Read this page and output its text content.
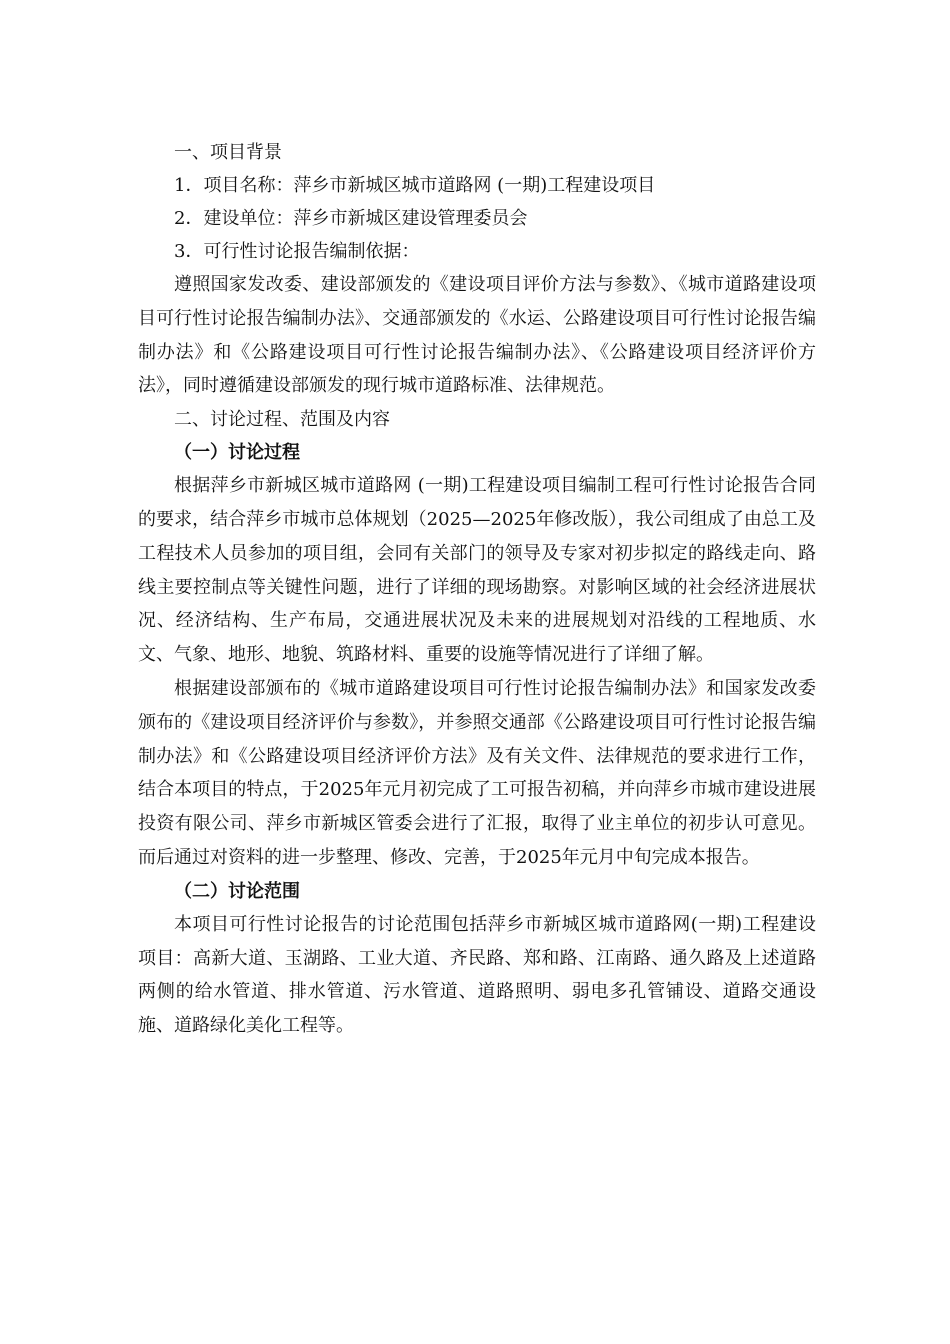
一、项目背景
1．项目名称：萍乡市新城区城市道路网 (一期)工程建设项目
2．建设单位：萍乡市新城区建设管理委员会
3．可行性讨论报告编制依据：

遵照国家发改委、建设部颁发的《建设项目评价方法与参数》、《城市道路建设项目可行性讨论报告编制办法》、交通部颁发的《水运、公路建设项目可行性讨论报告编制办法》和《公路建设项目可行性讨论报告编制办法》、《公路建设项目经济评价方法》，同时遵循建设部颁发的现行城市道路标准、法律规范。

二、讨论过程、范围及内容
（一）讨论过程

根据萍乡市新城区城市道路网 (一期)工程建设项目编制工程可行性讨论报告合同的要求，结合萍乡市城市总体规划（2025—2025年修改版），我公司组成了由总工及工程技术人员参加的项目组，会同有关部门的领导及专家对初步拟定的路线走向、路线主要控制点等关键性问题，进行了详细的现场勘察。对影响区域的社会经济进展状况、经济结构、生产布局，交通进展状况及未来的进展规划对沿线的工程地质、水文、气象、地形、地貌、筑路材料、重要的设施等情况进行了详细了解。

根据建设部颁布的《城市道路建设项目可行性讨论报告编制办法》和国家发改委颁布的《建设项目经济评价与参数》，并参照交通部《公路建设项目可行性讨论报告编制办法》和《公路建设项目经济评价方法》及有关文件、法律规范的要求进行工作，结合本项目的特点，于2025年元月初完成了工可报告初稿，并向萍乡市城市建设进展投资有限公司、萍乡市新城区管委会进行了汇报，取得了业主单位的初步认可意见。而后通过对资料的进一步整理、修改、完善，于2025年元月中旬完成本报告。

（二）讨论范围

本项目可行性讨论报告的讨论范围包括萍乡市新城区城市道路网(一期)工程建设项目：高新大道、玉湖路、工业大道、齐民路、郑和路、江南路、通久路及上述道路两侧的给水管道、排水管道、污水管道、道路照明、弱电多孔管铺设、道路交通设施、道路绿化美化工程等。
